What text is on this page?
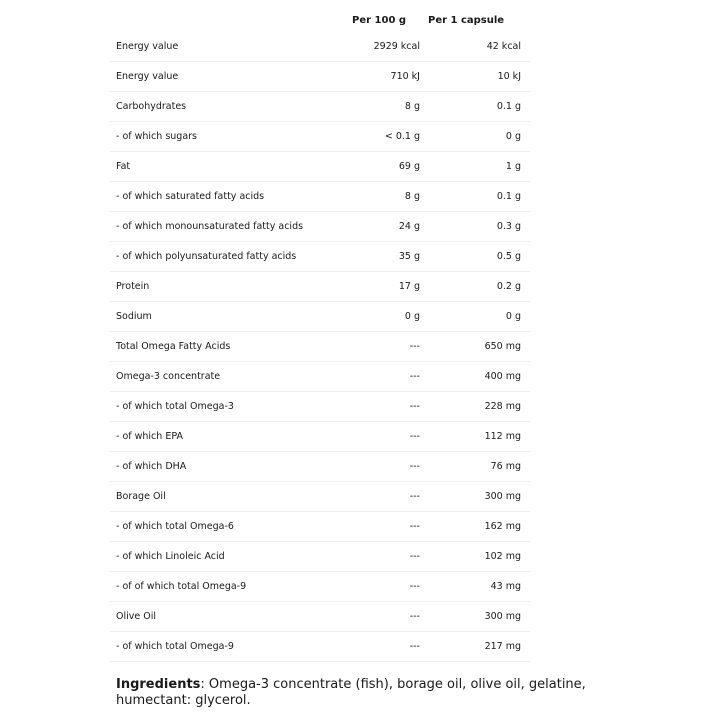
Per 100 g	Per 1 capsule
Energy value	2929 kcal	42 kcal
Energy value	710 kJ	10 kJ
Carbohydrates	8 g	0.1 g
- of which sugars	< 0.1 g	0 g
Fat	69 g	1 g
- of which saturated fatty acids	8 g	0.1 g
- of which monounsaturated fatty acids	24 g	0.3 g
- of which polyunsaturated fatty acids	35 g	0.5 g
Protein	17 g	0.2 g
Sodium	0 g	0 g
Total Omega Fatty Acids	---	650 mg
Omega-3 concentrate	---	400 mg
- of which total Omega-3	---	228 mg
- of which EPA	---	112 mg
- of which DHA	---	76 mg
Borage Oil	---	300 mg
- of which total Omega-6	---	162 mg
- of which Linoleic Acid	---	102 mg
- of of which total Omega-9	---	43 mg
Olive Oil	---	300 mg
- of which total Omega-9	---	217 mg
Ingredients: Omega-3 concentrate (fish), borage oil, olive oil, gelatine, humectant: glycerol.
